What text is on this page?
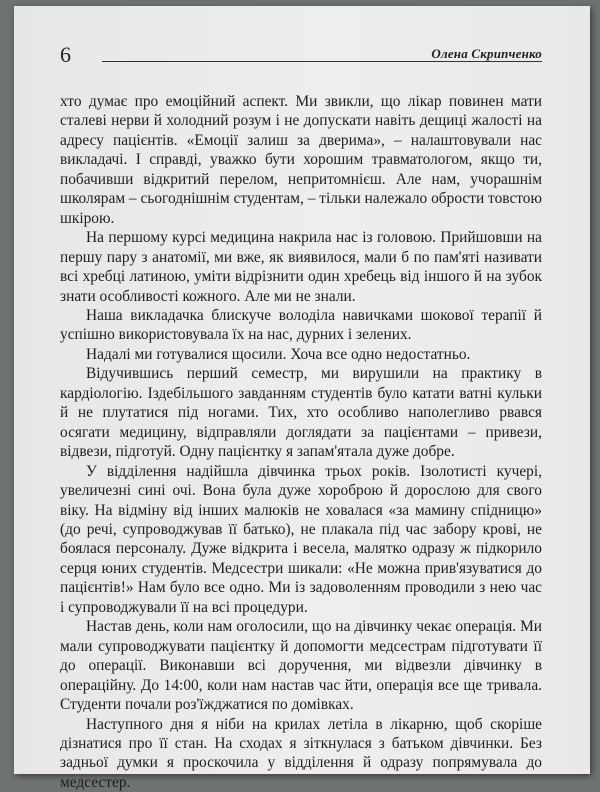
6	Олена Скрипченко

хто думає про емоційний аспект. Ми звикли, що лікар повинен мати сталеві нерви й холодний розум і не допускати навіть дещиці жалості на адресу пацієнтів. «Емоції залиш за дверима», – налаштовували нас викладачі. І справді, уважко бути хорошим травматологом, якщо ти, побачивши відкритий перелом, непритомнієш. Але нам, учорашнім школярам – сьогоднішнім студентам, – тільки належало обрости товстою шкірою.

На першому курсі медицина накрила нас із головою. Прийшовши на першу пару з анатомії, ми вже, як виявилося, мали б по пам'яті називати всі хребці латиною, уміти відрізнити один хребець від іншого й на зубок знати особливості кожного. Але ми не знали.

Наша викладачка блискуче володіла навичками шокової терапії й успішно використовувала їх на нас, дурних і зелених.

Надалі ми готувалися щосили. Хоча все одно недостатньо.

Відучившись перший семестр, ми вирушили на практику в кардіологію. Іздебільшого завданням студентів було катати ватні кульки й не плутатися під ногами. Тих, хто особливо наполегливо рвався осягати медицину, відправляли доглядати за пацієнтами – привези, відвези, підготуй. Одну пацієнтку я запам'ятала дуже добре.

У відділення надійшла дівчинка трьох років. Ізолотисті кучері, увеличезні сині очі. Вона була дуже хороброю й дорослою для свого віку. На відміну від інших малюків не ховалася «за мамину спідницю» (до речі, супроводжував її батько), не плакала під час забору крові, не боялася персоналу. Дуже відкрита і весела, малятко одразу ж підкорило серця юних студентів. Медсестри шикали: «Не можна прив'язуватися до пацієнтів!» Нам було все одно. Ми із задоволенням проводили з нею час і супроводжували її на всі процедури.

Настав день, коли нам оголосили, що на дівчинку чекає операція. Ми мали супроводжувати пацієнтку й допомогти медсестрам підготувати її до операції. Виконавши всі доручення, ми відвезли дівчинку в операційну. До 14:00, коли нам настав час йти, операція все ще тривала. Студенти почали роз'їжджатися по домівках.

Наступного дня я ніби на крилах летіла в лікарню, щоб скоріше дізнатися про її стан. На сходах я зіткнулася з батьком дівчинки. Без задньої думки я проскочила у відділення й одразу попрямувала до медсестер.
